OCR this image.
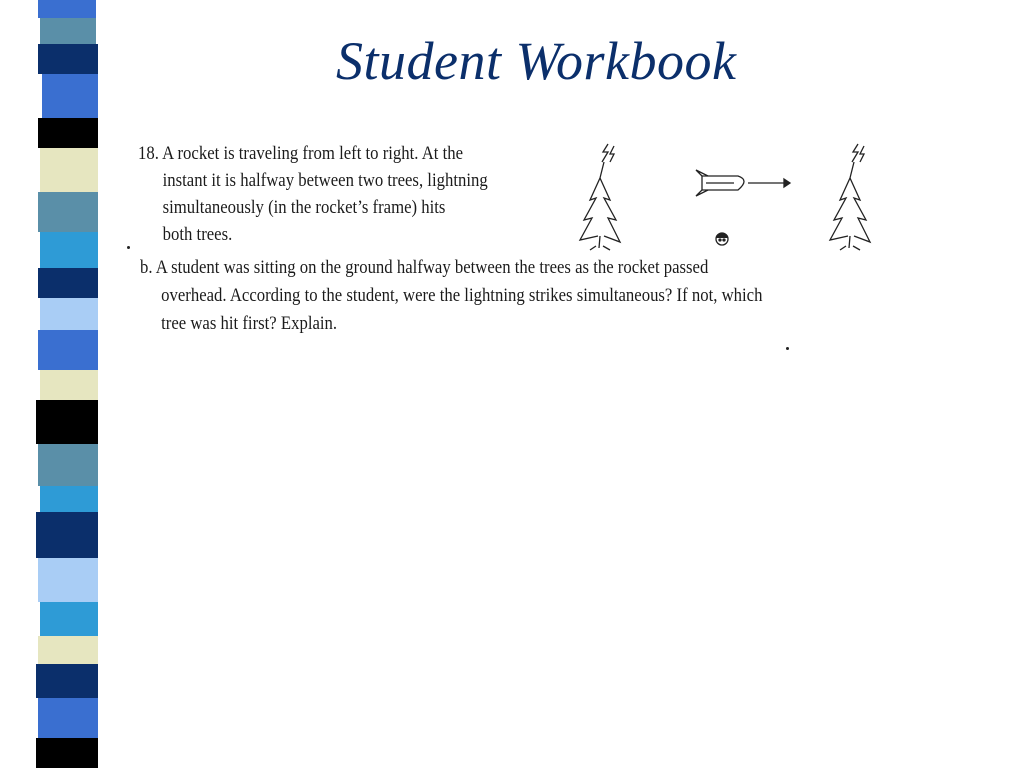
Student Workbook
18. A rocket is traveling from left to right. At the
instant it is halfway between two trees, lightning
simultaneously (in the rocket’s frame) hits
both trees.
b. A student was sitting on the ground halfway between the trees as the rocket passed
overhead. According to the student, were the lightning strikes simultaneous? If not, which
tree was hit first? Explain.
